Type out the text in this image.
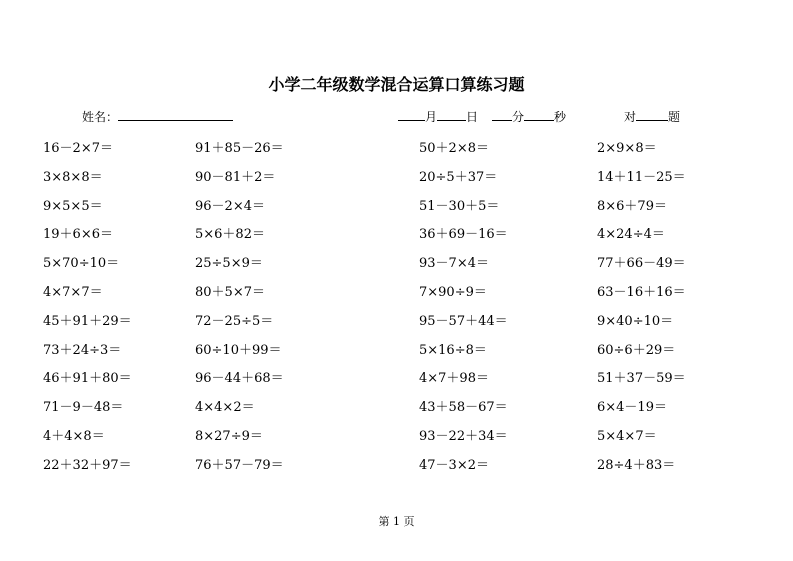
小学二年级数学混合运算口算练习题
姓名：	月 日	分	秒	对	题
16－2×7＝	91＋85－26＝	50＋2×8＝	2×9×8＝
3×8×8＝	90－81＋2＝	20÷5＋37＝	14＋11－25＝
9×5×5＝	96－2×4＝	51－30＋5＝	8×6＋79＝
19＋6×6＝	5×6＋82＝	36＋69－16＝	4×24÷4＝
5×70÷10＝	25÷5×9＝	93－7×4＝	77＋66－49＝
4×7×7＝	80＋5×7＝	7×90÷9＝	63－16＋16＝
45＋91＋29＝	72－25÷5＝	95－57＋44＝	9×40÷10＝
73＋24÷3＝	60÷10＋99＝	5×16÷8＝	60÷6＋29＝
46＋91＋80＝	96－44＋68＝	4×7＋98＝	51＋37－59＝
71－9－48＝	4×4×2＝	43＋58－67＝	6×4－19＝
4＋4×8＝	8×27÷9＝	93－22＋34＝	5×4×7＝
22＋32＋97＝	76＋57－79＝	47－3×2＝	28÷4＋83＝
第 1 页
